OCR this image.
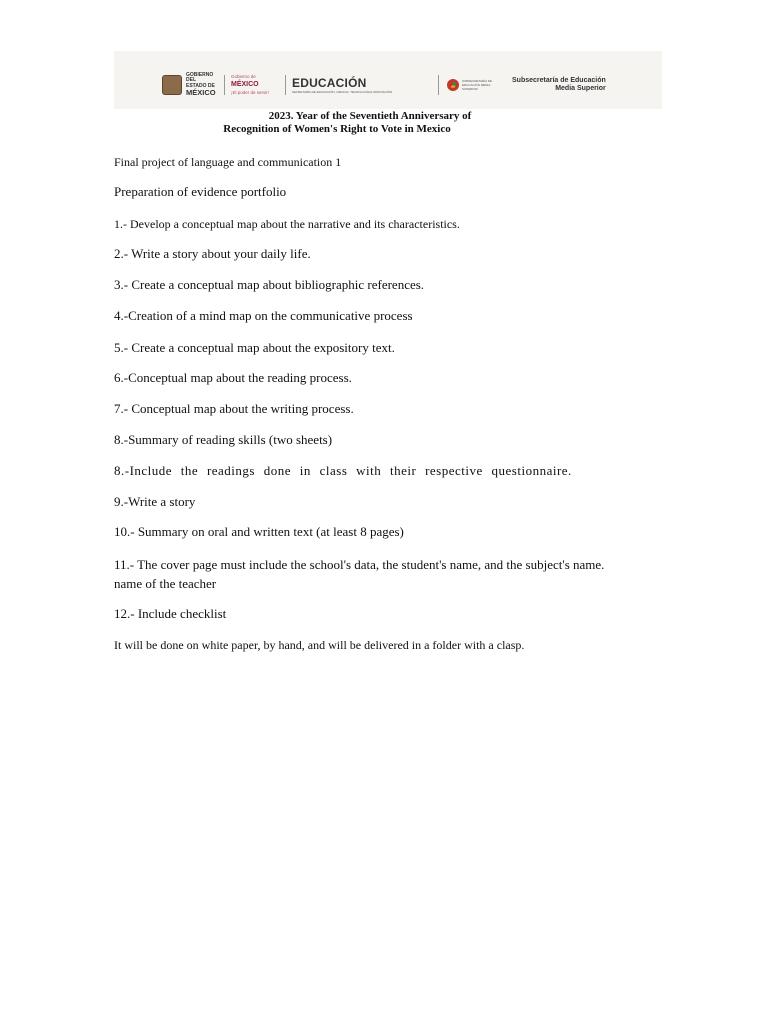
GOBIERNO DEL
ESTADO DE
MÉXICO
Gobierno de
MÉXICO
¡El poder de servir!
EDUCACIÓN
SECRETARÍA DE EDUCACIÓN, CIENCIA, TECNOLOGÍA E INNOVACIÓN
SUBSECRETARÍA DE EDUCACIÓN MEDIA SUPERIOR
Subsecretaría de Educación
Media Superior
2023. Year of the Seventieth Anniversary of
Recognition of Women's Right to Vote in Mexico
Final project of language and communication 1
Preparation of evidence portfolio
1.- Develop a conceptual map about the narrative and its characteristics.
2.- Write a story about your daily life.
3.- Create a conceptual map about bibliographic references.
4.-Creation of a mind map on the communicative process
5.- Create a conceptual map about the expository text.
6.-Conceptual map about the reading process.
7.- Conceptual map about the writing process.
8.-Summary of reading skills (two sheets)
8.-Include the readings done in class with their respective questionnaire.
9.-Write a story
10.- Summary on oral and written text (at least 8 pages)
11.- The cover page must include the school's data, the student's name, and the subject's name. name of the teacher
12.- Include checklist
It will be done on white paper, by hand, and will be delivered in a folder with a clasp.
